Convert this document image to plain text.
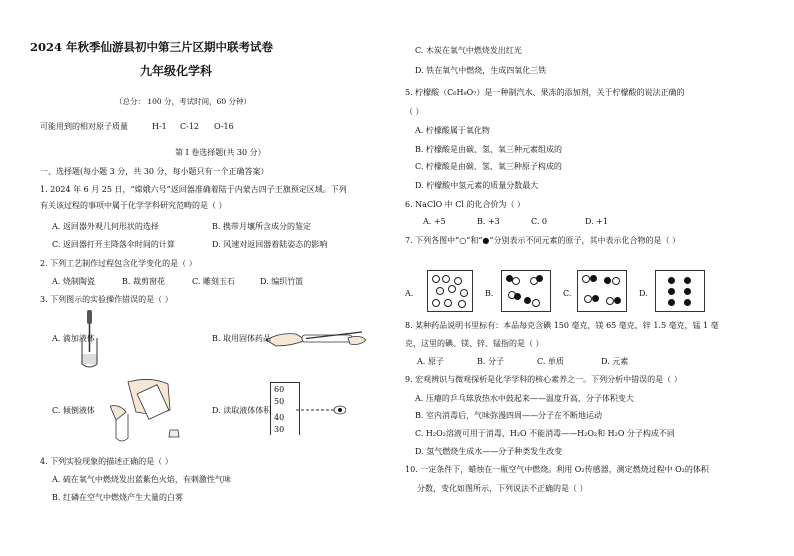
2024 年秋季仙游县初中第三片区期中联考试卷
九年级化学科
（总分： 100 分，考试时间，60 分钟）
可能用到的相对原子质量	H-1 C-12 O-16
第 I 卷选择题(共 30 分）
一、选择题(每小题 3 分，共 30 分，每小题只有一个正确答案）
1. 2024 年 6 月 25 日，“嫦娥六号”返回器准确着陆于内蒙古四子王旗预定区域。下列
有关该过程的事项中属于化学学科研究范畴的是（ ）
A. 返回器外观几何形状的选择	B. 携带月壤所含成分的鉴定
C. 返回器打开主降落伞时间的计算	D. 风速对返回器着陆姿态的影响
2. 下列工艺制作过程包含化学变化的是（ ）
A. 烧制陶瓷	B. 裁剪窗花	C. 雕刻玉石	D. 编织竹篮
3. 下列图示的实验操作错误的是（ ）
A. 滴加液体	B. 取用固体药品
C. 倾倒液体
60
50
40
30
D. 读取液体体积
4. 下列实验现象的描述正确的是（ ）
A. 硫在氧气中燃烧发出蓝紫色火焰，有刺激性气味
B. 红磷在空气中燃烧产生大量的白雾
C. 木炭在氧气中燃烧发出红光
D. 铁在氧气中燃烧，生成四氧化三铁
5. 柠檬酸（C₆H₈O₇）是一种制汽水、果冻的添加剂，关于柠檬酸的说法正确的
（ ）
A. 柠檬酸属于氧化物
B. 柠檬酸是由碳、氢、氧三种元素组成的
C. 柠檬酸是由碳、氢、氧三种原子构成的
D. 柠檬酸中氢元素的质量分数最大
6. NaClO 中 Cl 的化合价为（ ）
A. +5	B. +3	C. 0	D. +1
7. 下列各图中“○”和“●”分别表示不同元素的原子，其中表示化合物的是（ ）
A.	B.	C.	D.
8. 某种药品说明书里标有：本品每克含碘 150 毫克，镁 65 毫克，锌 1.5 毫克，锰 1 毫
克，这里的碘、镁、锌、锰指的是（ ）
A. 原子	B. 分子	C. 单质	D. 元素
9. 宏观辨识与微观探析是化学学科的核心素养之一。下列分析中错误的是（ ）
A. 压瘪的乒乓球放热水中鼓起来——温度升高，分子体积变大
B. 室内消毒后，气味弥漫四周——分子在不断地运动
C. H₂O₂溶液可用于消毒，H₂O 不能消毒——H₂O₂和 H₂O 分子构成不同
D. 氢气燃烧生成水——分子种类发生改变
10. 一定条件下，蜡烛在一瓶空气中燃烧。利用 O₂传感器，测定燃烧过程中 O₂的体积
分数，变化如图所示，下列说法不正确的是（ ）
